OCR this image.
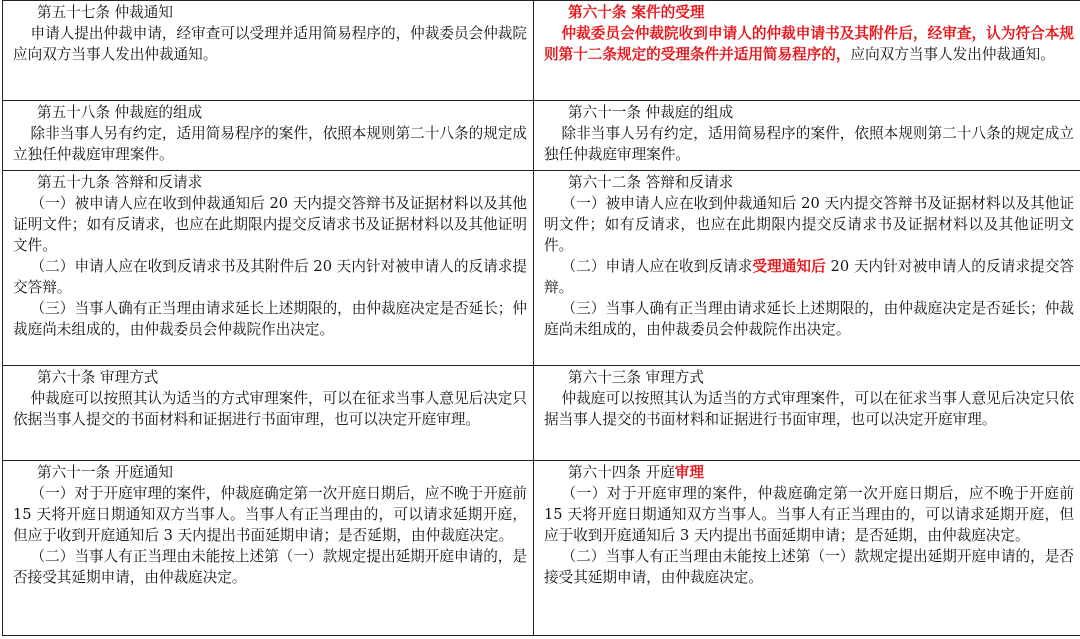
第五十七条 仲裁通知
申请人提出仲裁申请，经审查可以受理并适用简易程序的，仲裁委员会仲裁院应向双方当事人发出仲裁通知。	第六十条 案件的受理
仲裁委员会仲裁院收到申请人的仲裁申请书及其附件后，经审查，认为符合本规则第十二条规定的受理条件并适用简易程序的，应向双方当事人发出仲裁通知。

第五十八条 仲裁庭的组成
除非当事人另有约定，适用简易程序的案件，依照本规则第二十八条的规定成立独任仲裁庭审理案件。	第六十一条 仲裁庭的组成
除非当事人另有约定，适用简易程序的案件，依照本规则第二十八条的规定成立独任仲裁庭审理案件。

第五十九条 答辩和反请求
（一）被申请人应在收到仲裁通知后 20 天内提交答辩书及证据材料以及其他证明文件；如有反请求，也应在此期限内提交反请求书及证据材料以及其他证明文件。
（二）申请人应在收到反请求书及其附件后 20 天内针对被申请人的反请求提交答辩。
（三）当事人确有正当理由请求延长上述期限的，由仲裁庭决定是否延长；仲裁庭尚未组成的，由仲裁委员会仲裁院作出决定。	第六十二条 答辩和反请求
（一）被申请人应在收到仲裁通知后 20 天内提交答辩书及证据材料以及其他证明文件；如有反请求，也应在此期限内提交反请求书及证据材料以及其他证明文件。
（二）申请人应在收到反请求受理通知后 20 天内针对被申请人的反请求提交答辩。
（三）当事人确有正当理由请求延长上述期限的，由仲裁庭决定是否延长；仲裁庭尚未组成的，由仲裁委员会仲裁院作出决定。

第六十条 审理方式
仲裁庭可以按照其认为适当的方式审理案件，可以在征求当事人意见后决定只依据当事人提交的书面材料和证据进行书面审理，也可以决定开庭审理。	第六十三条 审理方式
仲裁庭可以按照其认为适当的方式审理案件，可以在征求当事人意见后决定只依据当事人提交的书面材料和证据进行书面审理，也可以决定开庭审理。

第六十一条 开庭通知
（一）对于开庭审理的案件，仲裁庭确定第一次开庭日期后，应不晚于开庭前 15 天将开庭日期通知双方当事人。当事人有正当理由的，可以请求延期开庭，但应于收到开庭通知后 3 天内提出书面延期申请；是否延期，由仲裁庭决定。
（二）当事人有正当理由未能按上述第（一）款规定提出延期开庭申请的，是否接受其延期申请，由仲裁庭决定。	第六十四条 开庭审理
（一）对于开庭审理的案件，仲裁庭确定第一次开庭日期后，应不晚于开庭前 15 天将开庭日期通知双方当事人。当事人有正当理由的，可以请求延期开庭，但应于收到开庭通知后 3 天内提出书面延期申请；是否延期，由仲裁庭决定。
（二）当事人有正当理由未能按上述第（一）款规定提出延期开庭申请的，是否接受其延期申请，由仲裁庭决定。
